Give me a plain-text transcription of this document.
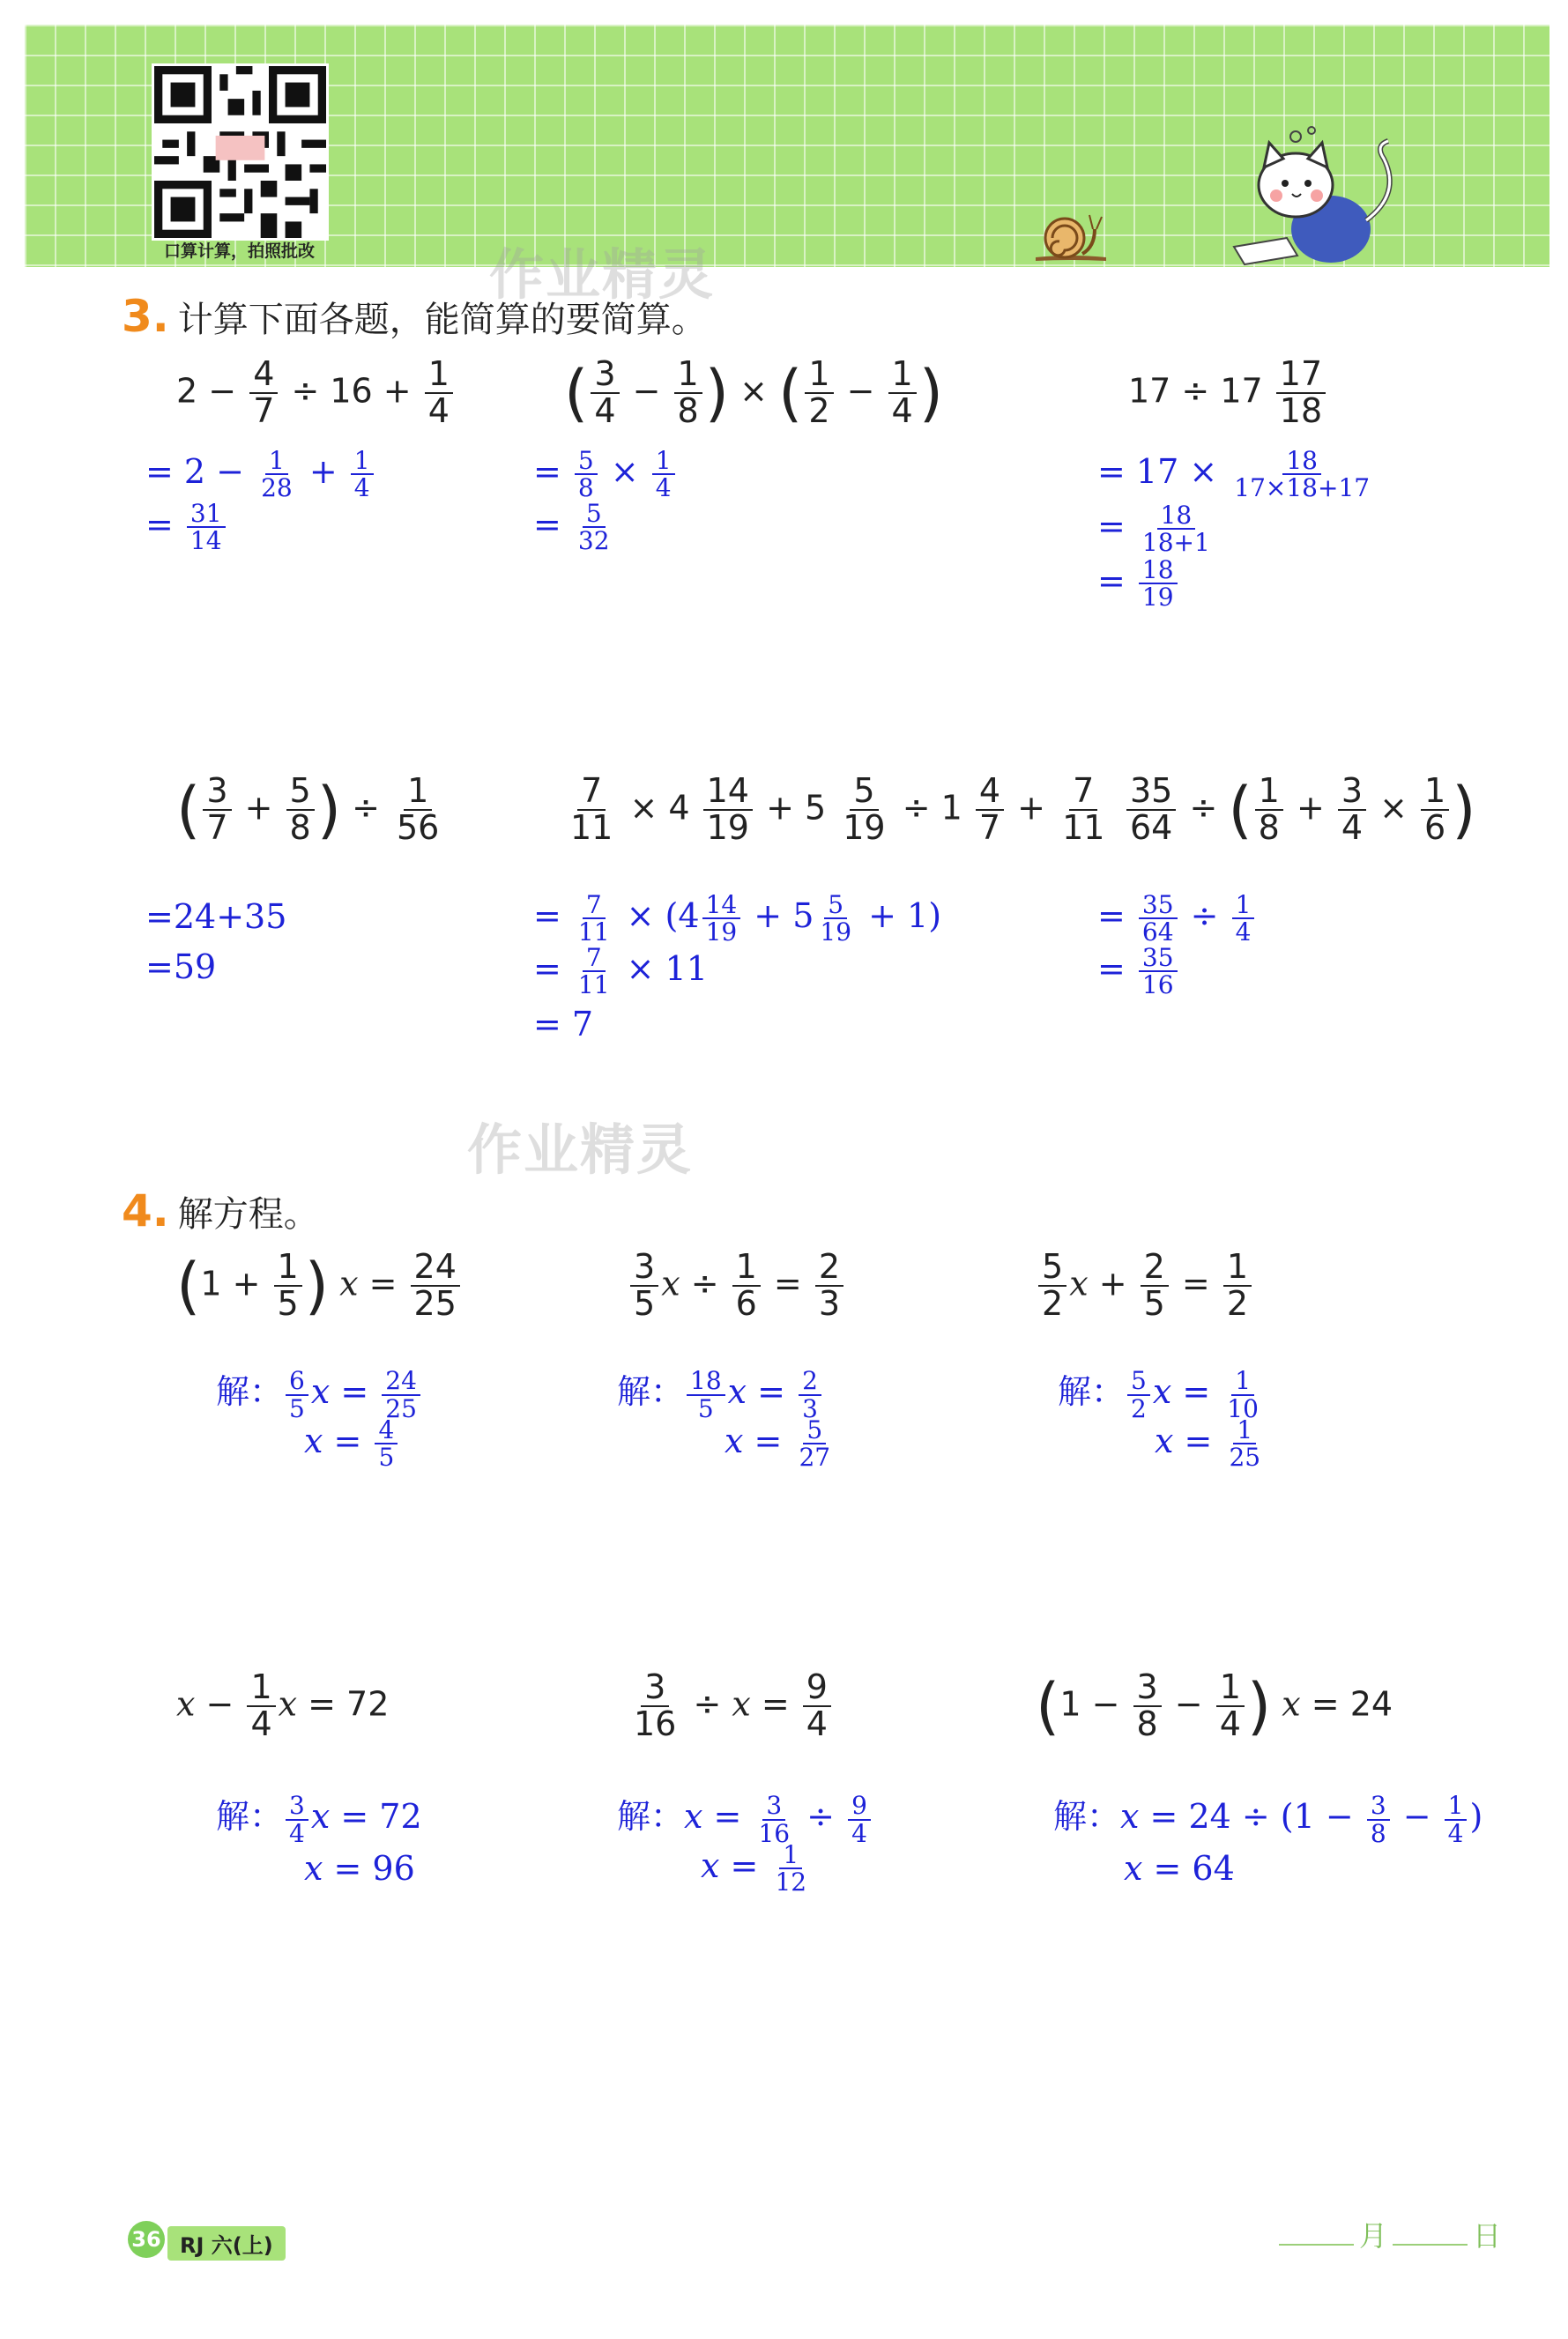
口算计算，拍照批改	作业精灵
作业精灵
3. 计算下面各题，能简算的要简算。
$2 - \frac{4}{7} \div 16 + \frac{1}{4}$
= $2 - \frac{1}{28} + \frac{1}{4}$
= $\frac{31}{14}$
( $\frac{3}{4} - \frac{1}{8}$ ) × ( $\frac{1}{2} - \frac{1}{4}$ )
= $\frac{5}{8} \times \frac{1}{4}$
= $\frac{5}{32}$
$17 \div 17 \frac{17}{18}$
= $17 \times \frac{18}{17\times 18+17}$
= $\frac{18}{18+1}$
= $\frac{18}{19}$
( $\frac{3}{7} + \frac{5}{8}$ ) ÷ $\frac{1}{56}$
=24+35
=59
$\frac{7}{11} \times 4 \frac{14}{19} + 5 \frac{5}{19} \div 1 \frac{4}{7} + \frac{7}{11}$
= $\frac{7}{11} \times (4 \frac{14}{19} + 5 \frac{5}{19} + 1)$
= $\frac{7}{11} \times 11$
= 7
$\frac{35}{64}$ ÷ ( $\frac{1}{8} + \frac{3}{4} \times \frac{1}{6}$ )
= $\frac{35}{64} \div \frac{1}{4}$
= $\frac{35}{16}$
4. 解方程。
($1 + \frac{1}{5}$ ) $x = \frac{24}{25}$
解： $\frac{6}{5}$ $x = \frac{24}{25}$
$x = \frac{4}{5}$
$\frac{3}{5}$ $x \div \frac{1}{6} = \frac{2}{3}$
解： $\frac{18}{5}$ $x = \frac{2}{3}$
$x = \frac{5}{27}$
$\frac{5}{2}$ $x + \frac{2}{5} = \frac{1}{2}$
解： $\frac{5}{2}$ $x = \frac{1}{10}$
$x = \frac{1}{25}$
$x - \frac{1}{4}$ x = 72
解： $\frac{3}{4}$ x = 72
x = 96
$\frac{3}{16} \div x = \frac{9}{4}$
解：$x = \frac{3}{16} \div \frac{9}{4}$
$x = \frac{1}{12}$
($1 - \frac{3}{8} - \frac{1}{4}$ ) x = 24
解：$x = 24 \div (1 - \frac{3}{8} - \frac{1}{4}$ )
x = 64
36 RJ 六(上)	月	日
